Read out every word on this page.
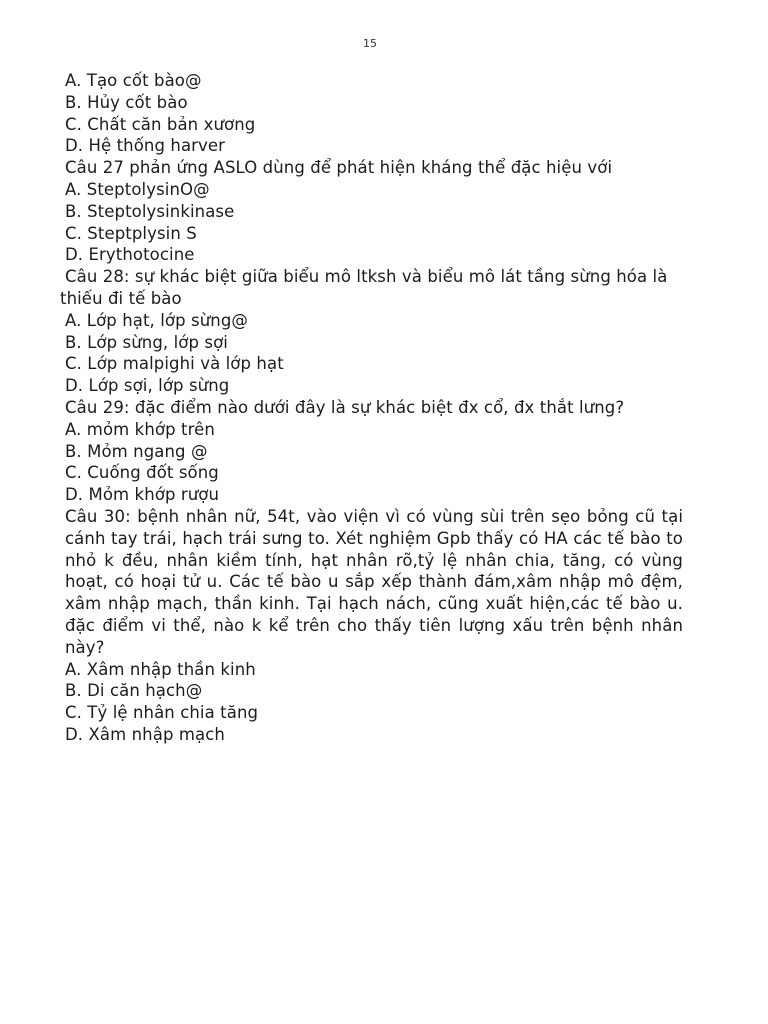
15
A. Tạo cốt bào@
B. Hủy cốt bào
C. Chất căn bản xương
D. Hệ thống harver
Câu 27 phản ứng ASLO dùng để phát hiện kháng thể đặc hiệu với
A. SteptolysinO@
B. Steptolysinkinase
C. Steptplysin S
D. Erythotocine
Câu 28: sự khác biệt giữa biểu mô ltksh và biểu mô lát tầng sừng hóa là
thiếu đi tế bào
A. Lớp hạt, lớp sừng@
B. Lớp sừng, lớp sợi
C. Lớp malpighi và lớp hạt
D. Lớp sợi, lớp sừng
Câu 29: đặc điểm nào dưới đây là sự khác biệt đx cổ, đx thắt lưng?
A. mỏm khớp trên
B. Mỏm ngang @
C. Cuống đốt sống
D. Mỏm khớp rượu
Câu 30: bệnh nhân nữ, 54t, vào viện vì có vùng sùi trên sẹo bỏng cũ tại cánh tay trái, hạch trái sưng to. Xét nghiệm Gpb thấy có HA các tế bào to nhỏ k đều, nhân kiềm tính, hạt nhân rõ,tỷ lệ nhân chia, tăng, có vùng hoạt, có hoại tử u. Các tế bào u sắp xếp thành đám,xâm nhập mô đệm, xâm nhập mạch, thần kinh. Tại hạch nách, cũng xuất hiện,các tế bào u. đặc điểm vi thể, nào k kể trên cho thấy tiên lượng xấu trên bệnh nhân này?
A. Xâm nhập thần kinh
B. Di căn hạch@
C. Tỷ lệ nhân chia tăng
D. Xâm nhập mạch
